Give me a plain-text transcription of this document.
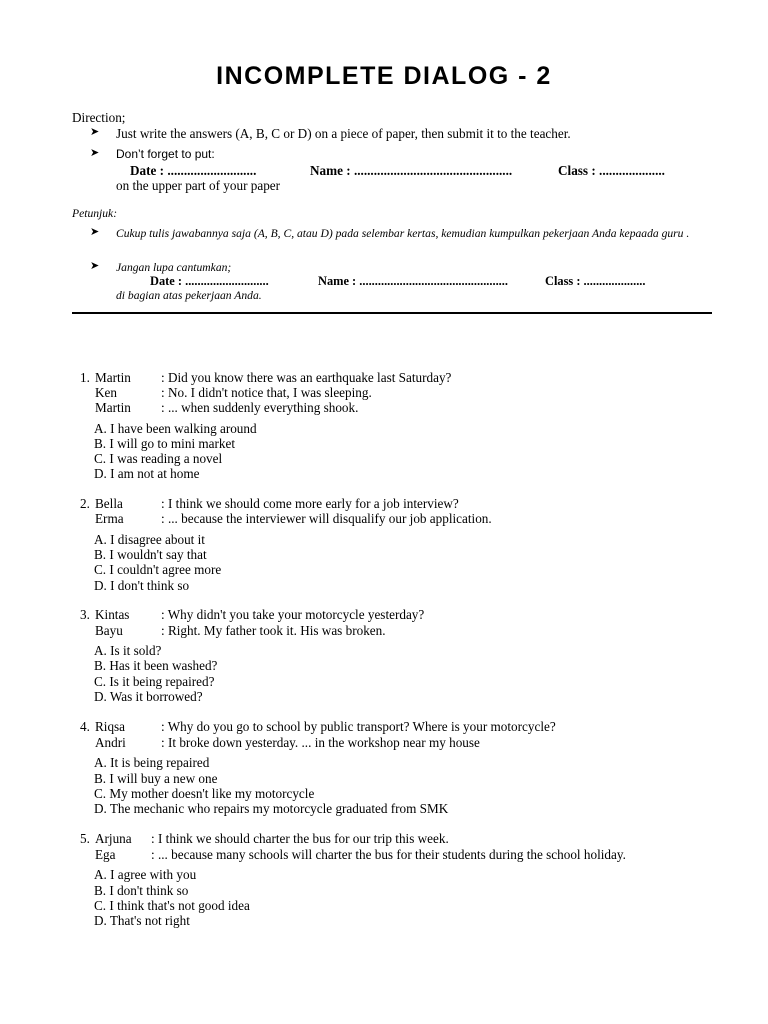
INCOMPLETE DIALOG - 2
Direction;
➤ Just write the answers (A, B, C or D) on a piece of paper, then submit it to the teacher.
➤ Don’t forget to put:
Date : ...........................	Name : ................................................	Class : ....................
on the upper part of your paper
Petunjuk:
➤ Cukup tulis jawabannya saja (A, B, C, atau D) pada selembar kertas, kemudian kumpulkan pekerjaan Anda kepaada guru .
➤ Jangan lupa cantumkan;
Date : ...........................	Name : ................................................	Class : ....................
di bagian atas pekerjaan Anda.
1. Martin : Did you know there was an earthquake last Saturday?
Ken	: No. I didn't notice that, I was sleeping.
Martin : ... when suddenly everything shook.
A. I have been walking around
B. I will go to mini market
C. I was reading a novel
D. I am not at home
2. Bella	: I think we should come more early for a job interview?
Erma	: ... because the interviewer will disqualify our job application.
A. I disagree about it
B. I wouldn't say that
C. I couldn't agree more
D. I don't think so
3. Kintas : Why didn't you take your motorcycle yesterday?
Bayu	: Right. My father took it. His was broken.
A. Is it sold?
B. Has it been washed?
C. Is it being repaired?
D. Was it borrowed?
4. Riqsa	: Why do you go to school by public transport? Where is your motorcycle?
Andri	: It broke down yesterday. ... in the workshop near my house
A. It is being repaired
B. I will buy a new one
C. My mother doesn't like my motorcycle
D. The mechanic who repairs my motorcycle graduated from SMK
5. Arjuna : I think we should charter the bus for our trip this week.
Ega	: ... because many schools will charter the bus for their students during the school holiday.
A. I agree with you
B. I don't think so
C. I think that's not good idea
D. That's not right
